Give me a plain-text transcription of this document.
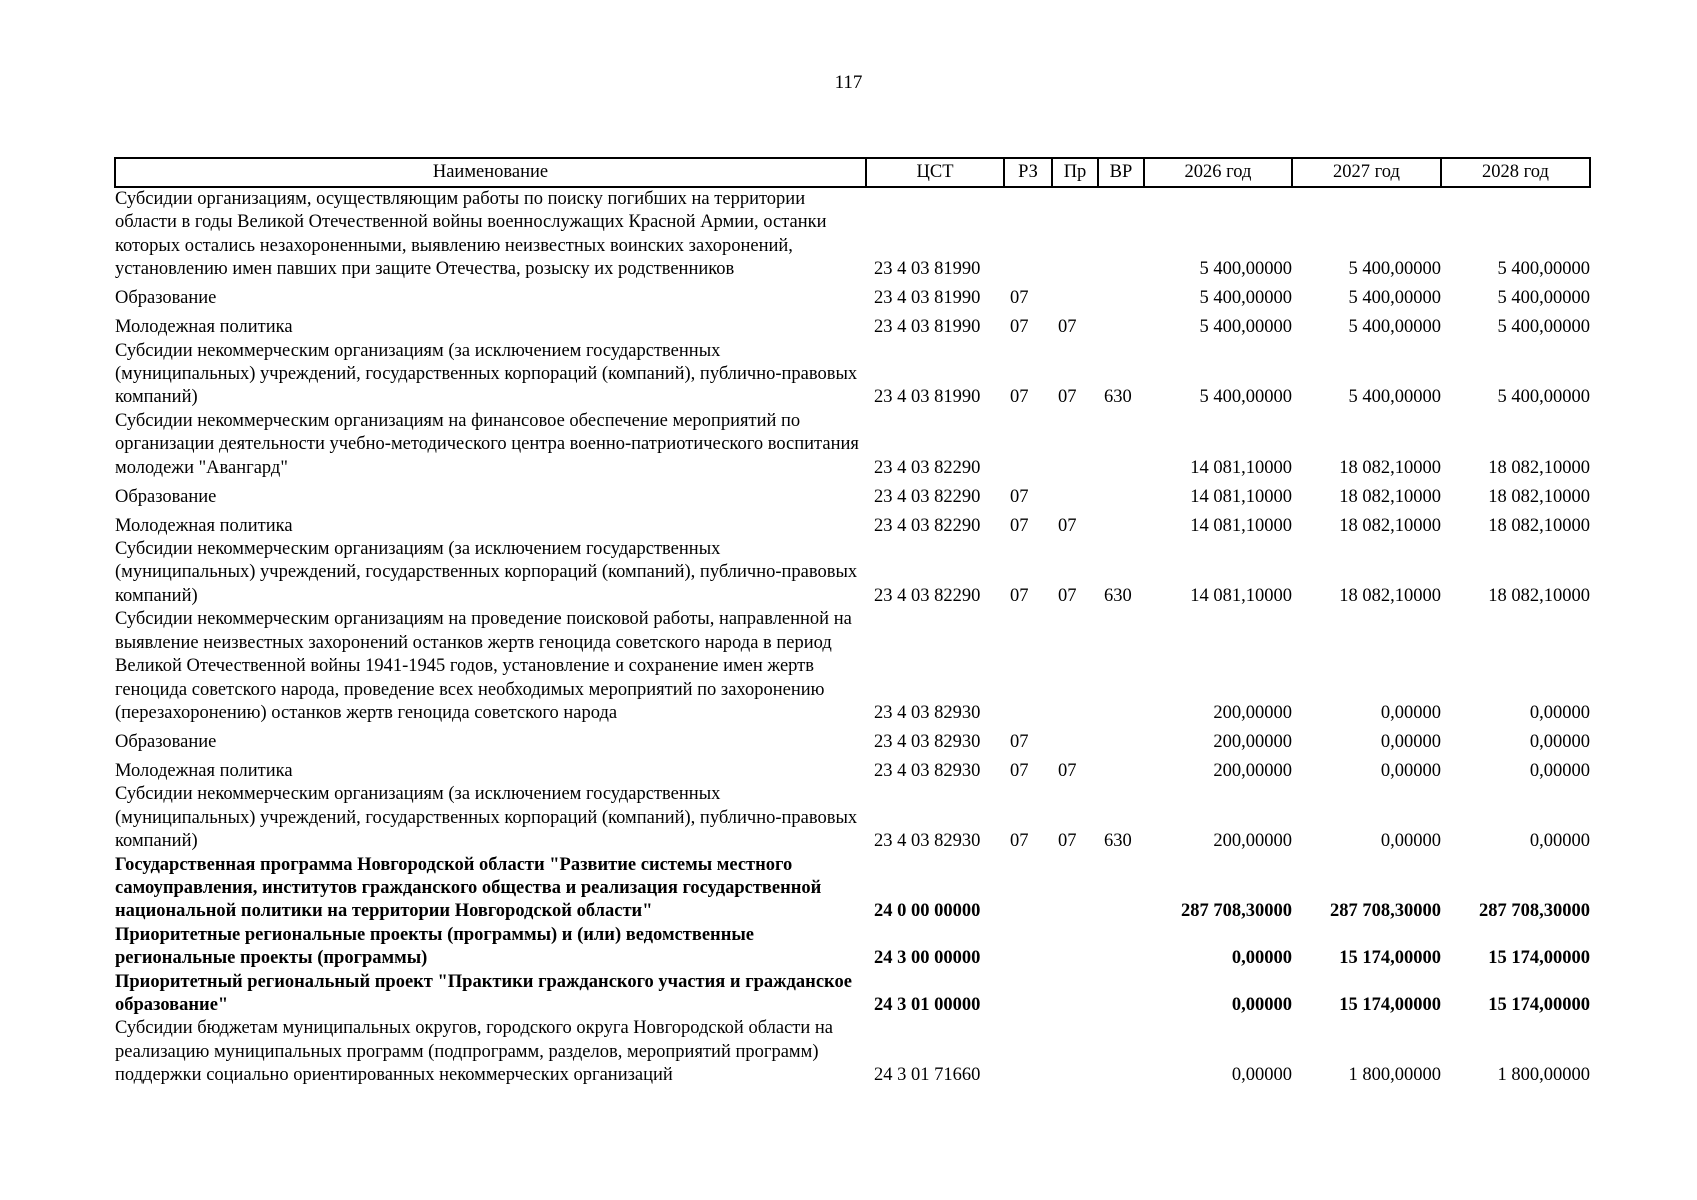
117
Наименование	ЦСТ	РЗ	Пр	ВР	2026 год	2027 год	2028 год
Субсидии организациям, осуществляющим работы по поиску погибших на территории области в годы Великой Отечественной войны военнослужащих Красной Армии, останки которых остались незахороненными, выявлению неизвестных воинских захоронений, установлению имен павших при защите Отечества, розыску их родственников	23 4 03 81990				5 400,00000	5 400,00000	5 400,00000
Образование	23 4 03 81990	07			5 400,00000	5 400,00000	5 400,00000
Молодежная политика	23 4 03 81990	07	07		5 400,00000	5 400,00000	5 400,00000
Субсидии некоммерческим организациям (за исключением государственных (муниципальных) учреждений, государственных корпораций (компаний), публично-правовых компаний)	23 4 03 81990	07	07	630	5 400,00000	5 400,00000	5 400,00000
Субсидии некоммерческим организациям на финансовое обеспечение мероприятий по организации деятельности учебно-методического центра военно-патриотического воспитания молодежи "Авангард"	23 4 03 82290				14 081,10000	18 082,10000	18 082,10000
Образование	23 4 03 82290	07			14 081,10000	18 082,10000	18 082,10000
Молодежная политика	23 4 03 82290	07	07		14 081,10000	18 082,10000	18 082,10000
Субсидии некоммерческим организациям (за исключением государственных (муниципальных) учреждений, государственных корпораций (компаний), публично-правовых компаний)	23 4 03 82290	07	07	630	14 081,10000	18 082,10000	18 082,10000
Субсидии некоммерческим организациям на проведение поисковой работы, направленной на выявление неизвестных захоронений останков жертв геноцида советского народа в период Великой Отечественной войны 1941-1945 годов, установление и сохранение имен жертв геноцида советского народа, проведение всех необходимых мероприятий по захоронению (перезахоронению) останков жертв геноцида советского народа	23 4 03 82930				200,00000	0,00000	0,00000
Образование	23 4 03 82930	07			200,00000	0,00000	0,00000
Молодежная политика	23 4 03 82930	07	07		200,00000	0,00000	0,00000
Субсидии некоммерческим организациям (за исключением государственных (муниципальных) учреждений, государственных корпораций (компаний), публично-правовых компаний)	23 4 03 82930	07	07	630	200,00000	0,00000	0,00000
Государственная программа Новгородской области "Развитие системы местного самоуправления, институтов гражданского общества и реализация государственной национальной политики на территории Новгородской области"	24 0 00 00000				287 708,30000	287 708,30000	287 708,30000
Приоритетные региональные проекты (программы) и (или) ведомственные региональные проекты (программы)	24 3 00 00000				0,00000	15 174,00000	15 174,00000
Приоритетный региональный проект "Практики гражданского участия и гражданское образование"	24 3 01 00000				0,00000	15 174,00000	15 174,00000
Субсидии бюджетам муниципальных округов, городского округа Новгородской области на реализацию муниципальных программ (подпрограмм, разделов, мероприятий программ) поддержки социально ориентированных некоммерческих организаций	24 3 01 71660				0,00000	1 800,00000	1 800,00000
